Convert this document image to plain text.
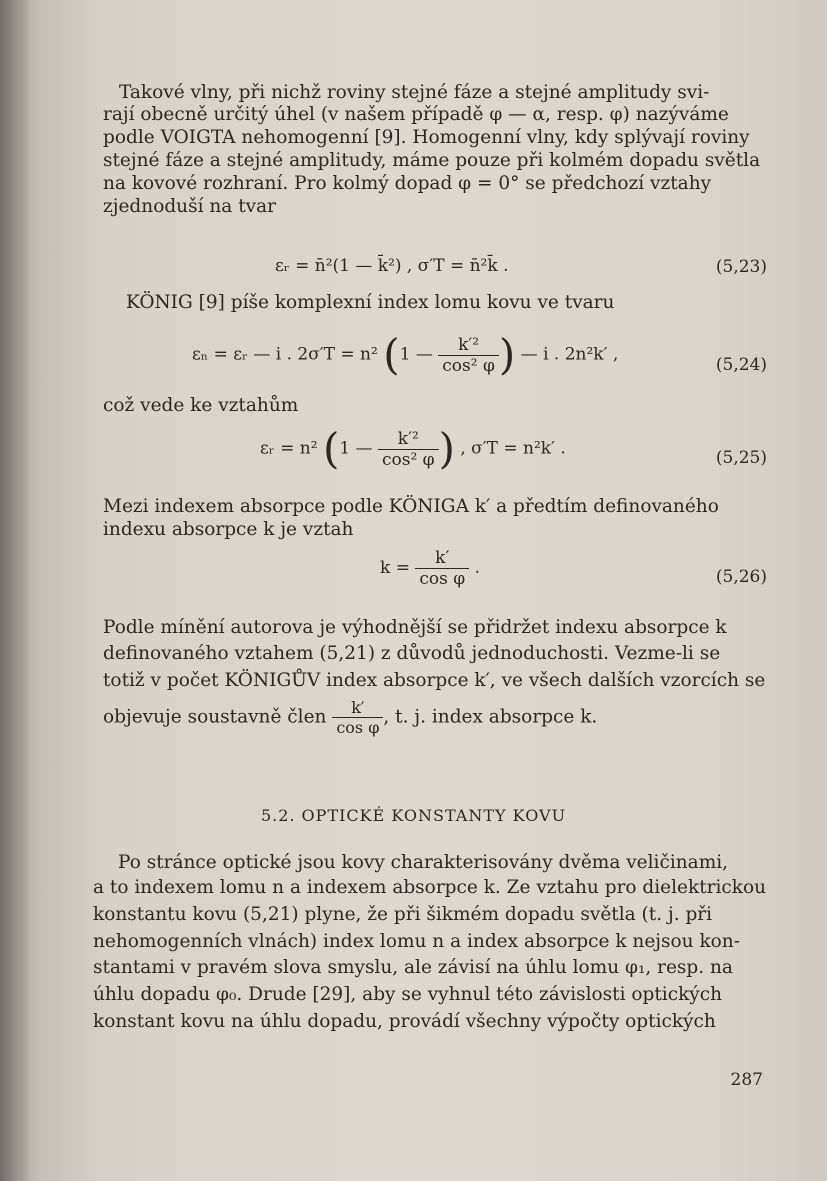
Takové vlny, při nichž roviny stejné fáze a stejné amplitudy svi-
rají obecně určitý úhel (v našem případě φ — α, resp. φ) nazýváme
podle VOIGTA nehomogenní [9]. Homogenní vlny, kdy splývají roviny
stejné fáze a stejné amplitudy, máme pouze při kolmém dopadu světla
na kovové rozhraní. Pro kolmý dopad φ = 0° se předchozí vztahy
zjednoduší na tvar
εᵣ = n̄²(1 — k̄²) , σ′T = n̄²k̄ .	(5,23)
KÖNIG [9] píše komplexní index lomu kovu ve tvaru
εₙ = εᵣ — i . 2σ′T = n² (1 — $\frac{\text{k′²}}{\text{cos² φ}}$ ) — i . 2n²k′ ,
(5,24)
což vede ke vztahům
εᵣ = n² (1 — $\frac{\text{k′²}}{\text{cos² φ}}$ ) , σ′T = n²k′ .	(5,25)
Mezi indexem absorpce podle KÖNIGA k′ a předtím definovaného
indexu absorpce k je vztah
$k = \frac{k'}{\text{cos φ}}$ .	(5,26)
Podle mínění autorova je výhodnější se přidržet indexu absorpce k
definovaného vztahem (5,21) z důvodů jednoduchosti. Vezme-li se
totiž v počet KÖNIGŮV index absorpce k′, ve všech dalších vzorcích se
objevuje soustavně člen $\frac{k'}{\text{cos φ}}$ , t. j. index absorpce k.
5.2. OPTICKÉ KONSTANTY KOVU
Po stránce optické jsou kovy charakterisovány dvěma veličinami,
a to indexem lomu n a indexem absorpce k. Ze vztahu pro dielektrickou
konstantu kovu (5,21) plyne, že při šikmém dopadu světla (t. j. při
nehomogenních vlnách) index lomu n a index absorpce k nejsou kon-
stantami v pravém slova smyslu, ale závisí na úhlu lomu φ₁, resp. na
úhlu dopadu φ₀. Drude [29], aby se vyhnul této závislosti optických
konstant kovu na úhlu dopadu, provádí všechny výpočty optických
287
